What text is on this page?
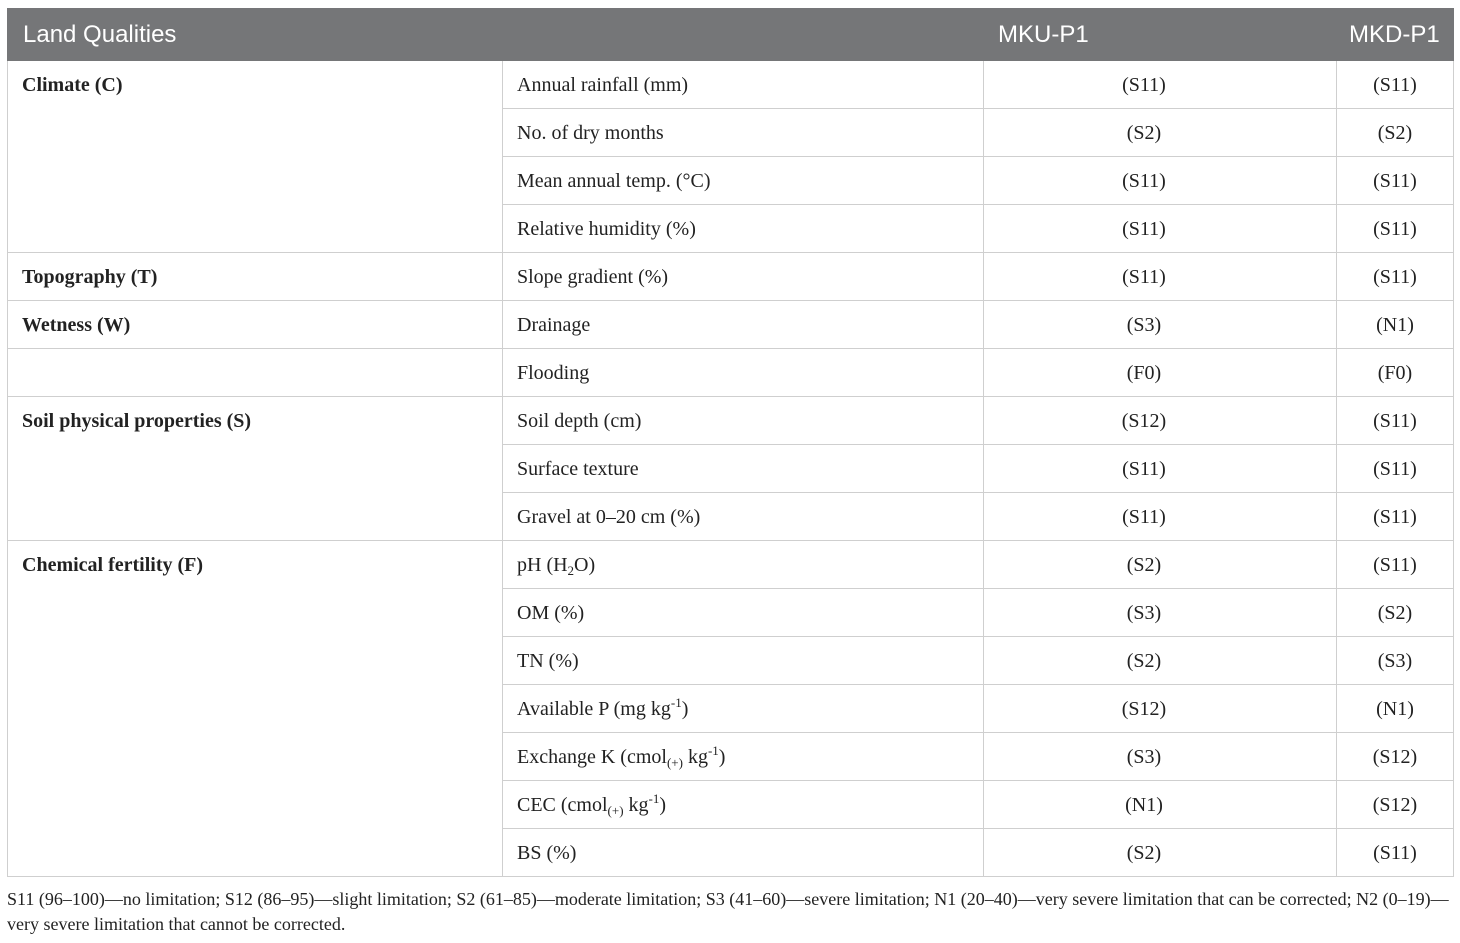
Land Qualities		MKU-P1	MKD-P1

Climate (C)	Annual rainfall (mm)	(S11)	(S11)

	No. of dry months	(S2)	(S2)

	Mean annual temp. (°C)	(S11)	(S11)

	Relative humidity (%)	(S11)	(S11)

Topography (T)	Slope gradient (%)	(S11)	(S11)

Wetness (W)	Drainage	(S3)	(N1)

	Flooding	(F0)	(F0)

Soil physical properties (S)	Soil depth (cm)	(S12)	(S11)

	Surface texture	(S11)	(S11)

	Gravel at 0–20 cm (%)	(S11)	(S11)

Chemical fertility (F)	pH $(H_2O)$	(S2)	(S11)

	OM (%)	(S3)	(S2)

	TN (%)	(S2)	(S3)

	Available P (mg $kg^{-1}$)	(S12)	(N1)

	Exchange K (cmol$_{(+)}$ $kg^{-1}$)	(S3)	(S12)

	CEC (cmol$_{(+)}$ $kg^{-1}$)	(N1)	(S12)

	BS (%)	(S2)	(S11)

S11 (96–100)—no limitation; S12 (86–95)—slight limitation; S2 (61–85)—moderate limitation; S3 (41–60)—severe limitation; N1 (20–40)—very severe limitation that can be corrected; N2 (0–19)—very severe limitation that cannot be corrected.
